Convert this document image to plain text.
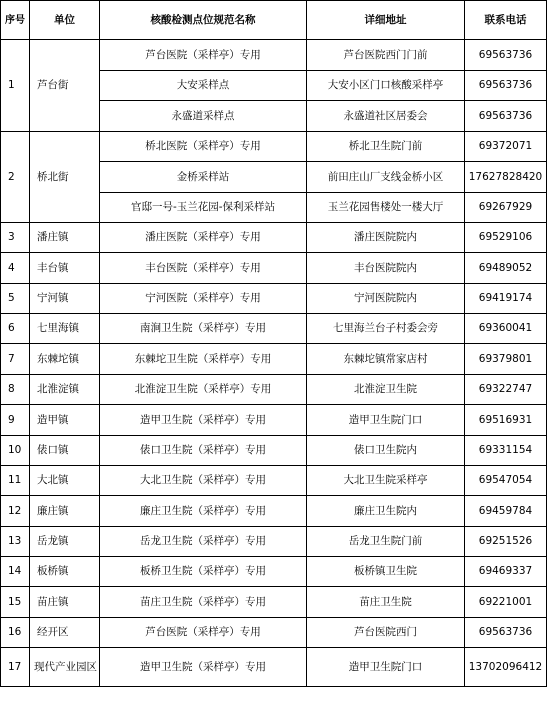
序号	单位	核酸检测点位规范名称	详细地址	联系电话
1	芦台街	芦台医院（采样亭）专用	芦台医院西门门前	69563736
		大安采样点	大安小区门口核酸采样亭	69563736
		永盛道采样点	永盛道社区居委会	69563736
2	桥北街	桥北医院（采样亭）专用	桥北卫生院门前	69372071
		金桥采样站	前田庄山厂支线金桥小区	17627828420
		官邸一号-玉兰花园-保利采样站	玉兰花园售楼处一楼大厅	69267929
3	潘庄镇	潘庄医院（采样亭）专用	潘庄医院院内	69529106
4	丰台镇	丰台医院（采样亭）专用	丰台医院院内	69489052
5	宁河镇	宁河医院（采样亭）专用	宁河医院院内	69419174
6	七里海镇	南涧卫生院（采样亭）专用	七里海兰台子村委会旁	69360041
7	东棘坨镇	东棘坨卫生院（采样亭）专用	东棘坨镇常家店村	69379801
8	北淮淀镇	北淮淀卫生院（采样亭）专用	北淮淀卫生院	69322747
9	造甲镇	造甲卫生院（采样亭）专用	造甲卫生院门口	69516931
10	俵口镇	俵口卫生院（采样亭）专用	俵口卫生院内	69331154
11	大北镇	大北卫生院（采样亭）专用	大北卫生院采样亭	69547054
12	廉庄镇	廉庄卫生院（采样亭）专用	廉庄卫生院内	69459784
13	岳龙镇	岳龙卫生院（采样亭）专用	岳龙卫生院门前	69251526
14	板桥镇	板桥卫生院（采样亭）专用	板桥镇卫生院	69469337
15	苗庄镇	苗庄卫生院（采样亭）专用	苗庄卫生院	69221001
16	经开区	芦台医院（采样亭）专用	芦台医院西门	69563736
17	现代产业园区	造甲卫生院（采样亭）专用	造甲卫生院门口	13702096412
